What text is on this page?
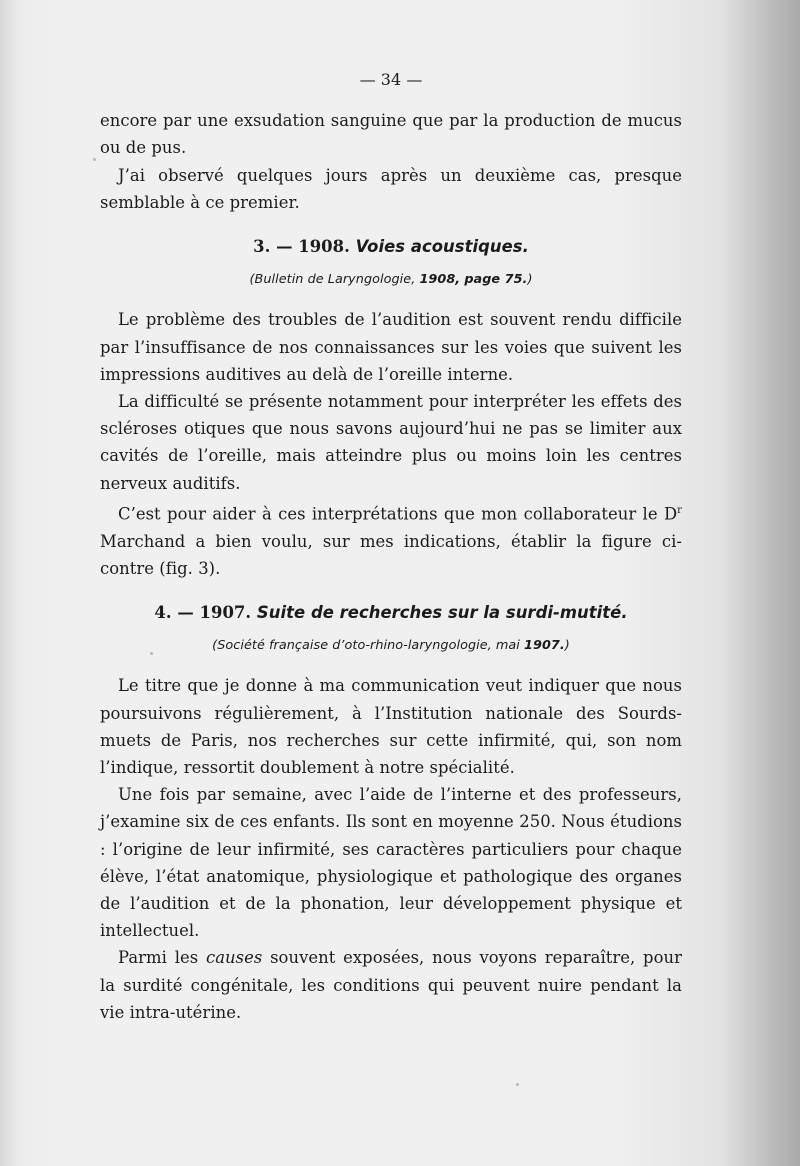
— 34 —

encore par une exsudation sanguine que par la production de mucus ou de pus.

J’ai observé quelques jours après un deuxième cas, presque semblable à ce premier.

3. — 1908. Voies acoustiques.
(Bulletin de Laryngologie, 1908, page 75.)

Le problème des troubles de l’audition est souvent rendu difficile par l’insuffisance de nos connaissances sur les voies que suivent les impressions auditives au delà de l’oreille interne.

La difficulté se présente notamment pour interpréter les effets des scléroses otiques que nous savons aujourd’hui ne pas se limiter aux cavités de l’oreille, mais atteindre plus ou moins loin les centres nerveux auditifs.

C’est pour aider à ces interprétations que mon collaborateur le $D^r$ Marchand a bien voulu, sur mes indications, établir la figure ci-contre (fig. 3).

4. — 1907. Suite de recherches sur la surdi-mutité.
(Société française d’oto-rhino-laryngologie, mai 1907.)

Le titre que je donne à ma communication veut indiquer que nous poursuivons régulièrement, à l’Institution nationale des Sourds-muets de Paris, nos recherches sur cette infirmité, qui, son nom l’indique, ressortit doublement à notre spécialité.

Une fois par semaine, avec l’aide de l’interne et des professeurs, j’examine six de ces enfants. Ils sont en moyenne 250. Nous étudions : l’origine de leur infirmité, ses caractères particuliers pour chaque élève, l’état anatomique, physiologique et pathologique des organes de l’audition et de la phonation, leur développement physique et intellectuel.

Parmi les causes souvent exposées, nous voyons reparaître, pour la surdité congénitale, les conditions qui peuvent nuire pendant la vie intra-utérine.
